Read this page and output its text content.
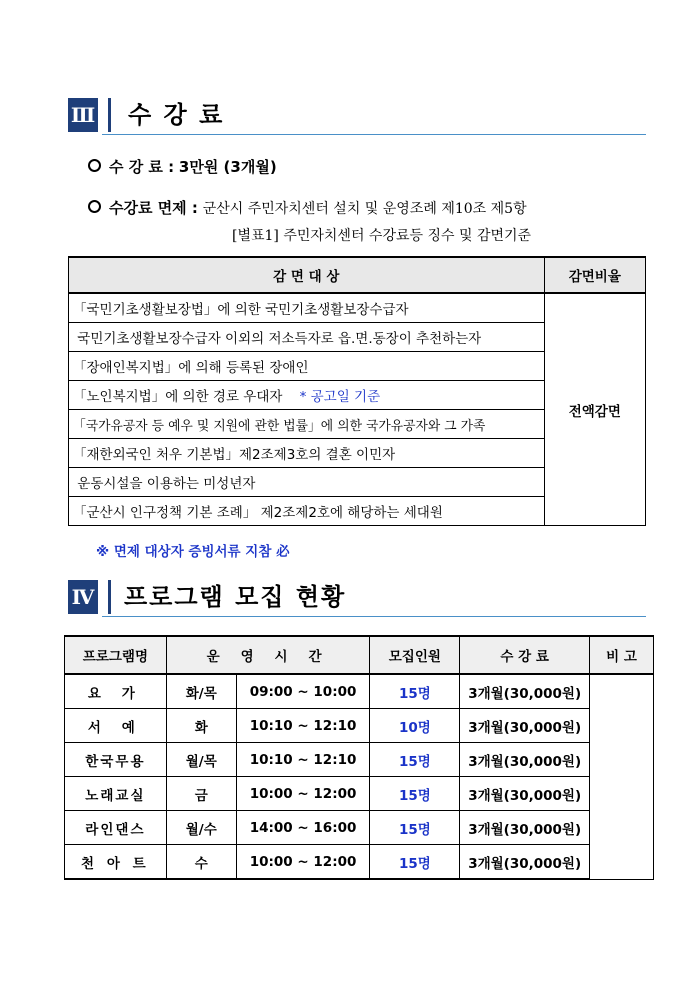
Ⅲ 수 강 료
수 강 료 : 3만원 (3개월)
수강료 면제 : 군산시 주민자치센터 설치 및 운영조례 제10조 제5항
[별표1] 주민자치센터 수강료등 징수 및 감면기준
감 면 대 상	감면비율
「국민기초생활보장법」에 의한 국민기초생활보장수급자	전액감면
국민기초생활보장수급자 이외의 저소득자로 읍.면.동장이 추천하는자	
「장애인복지법」에 의해 등록된 장애인	
「노인복지법」에 의한 경로 우대자 * 공고일 기준	
「국가유공자 등 예우 및 지원에 관한 법률」에 의한 국가유공자와 그 가족	
「재한외국인 처우 기본법」제2조제3호의 결혼 이민자	
운동시설을 이용하는 미성년자	
「군산시 인구정책 기본 조례」 제2조제2호에 해당하는 세대원	
※ 면제 대상자 증빙서류 지참 必
Ⅳ 프로그램 모집 현황
프로그램명	운 영 시 간		모집인원	수 강 료	비 고
요 가	화/목	09:00 ~ 10:00	15명	3개월(30,000원)	
서 예	화	10:10 ~ 12:10	10명	3개월(30,000원)	
한국무용	월/목	10:10 ~ 12:10	15명	3개월(30,000원)	
노래교실	금	10:00 ~ 12:00	15명	3개월(30,000원)	
라인댄스	월/수	14:00 ~ 16:00	15명	3개월(30,000원)	
천 아 트	수	10:00 ~ 12:00	15명	3개월(30,000원)	
